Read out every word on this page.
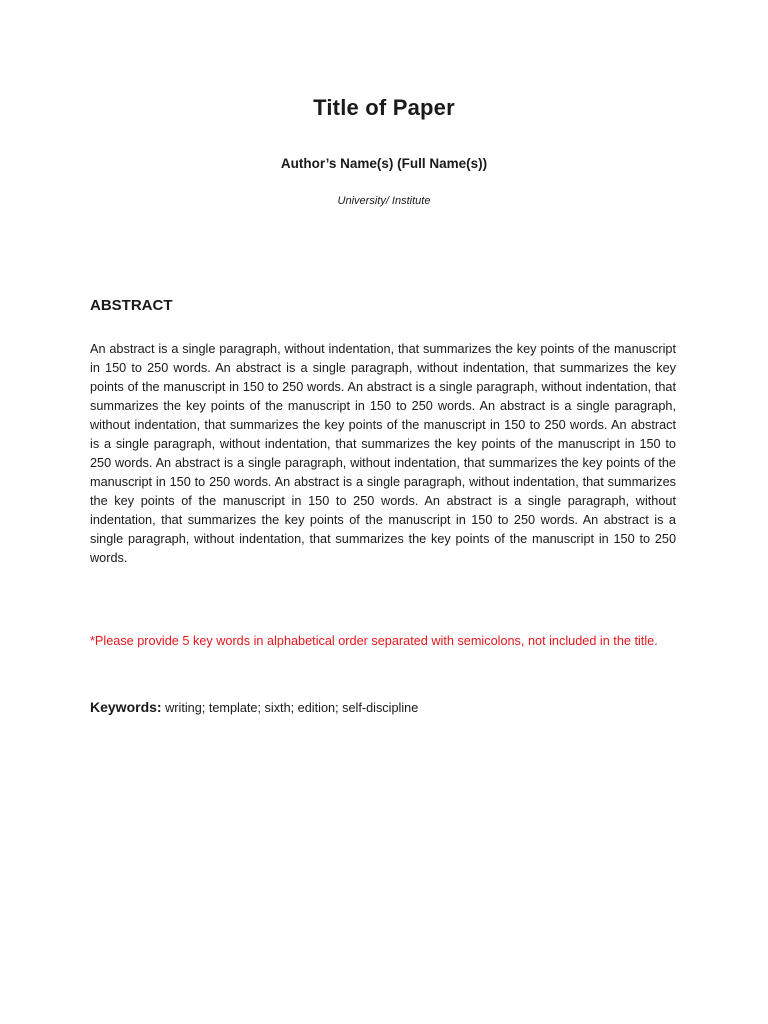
Title of Paper

Author’s Name(s) (Full Name(s))

University/ Institute

ABSTRACT

An abstract is a single paragraph, without indentation, that summarizes the key points of the manuscript in 150 to 250 words. An abstract is a single paragraph, without indentation, that summarizes the key points of the manuscript in 150 to 250 words. An abstract is a single paragraph, without indentation, that summarizes the key points of the manuscript in 150 to 250 words. An abstract is a single paragraph, without indentation, that summarizes the key points of the manuscript in 150 to 250 words. An abstract is a single paragraph, without indentation, that summarizes the key points of the manuscript in 150 to 250 words. An abstract is a single paragraph, without indentation, that summarizes the key points of the manuscript in 150 to 250 words. An abstract is a single paragraph, without indentation, that summarizes the key points of the manuscript in 150 to 250 words. An abstract is a single paragraph, without indentation, that summarizes the key points of the manuscript in 150 to 250 words. An abstract is a single paragraph, without indentation, that summarizes the key points of the manuscript in 150 to 250 words.

*Please provide 5 key words in alphabetical order separated with semicolons, not included in the title.

Keywords: writing; template; sixth; edition; self-discipline
